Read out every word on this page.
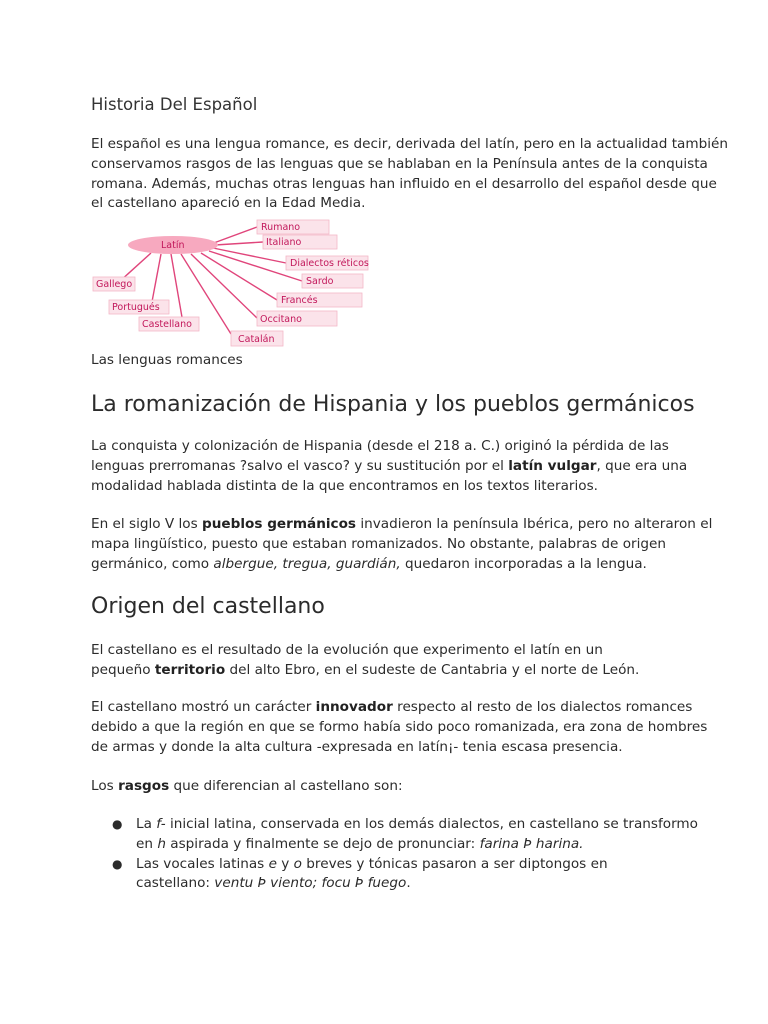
Historia Del Español

El español es una lengua romance, es decir, derivada del latín, pero en la actualidad también
conservamos rasgos de las lenguas que se hablaban en la Península antes de la conquista
romana. Además, muchas otras lenguas han influido en el desarrollo del español desde que
el castellano apareció en la Edad Media.

Latín
Rumano
Italiano
Dialectos réticos
Sardo
Francés
Occitano
Catalán
Castellano
Portugués
Gallego

Las lenguas romances

La romanización de Hispania y los pueblos germánicos

La conquista y colonización de Hispania (desde el 218 a. C.) originó la pérdida de las
lenguas prerromanas ?salvo el vasco? y su sustitución por el latín vulgar, que era una
modalidad hablada distinta de la que encontramos en los textos literarios.

En el siglo V los pueblos germánicos invadieron la península Ibérica, pero no alteraron el
mapa lingüístico, puesto que estaban romanizados. No obstante, palabras de origen
germánico, como albergue, tregua, guardián, quedaron incorporadas a la lengua.

Origen del castellano

El castellano es el resultado de la evolución que experimento el latín en un
pequeño territorio del alto Ebro, en el sudeste de Cantabria y el norte de León.

El castellano mostró un carácter innovador respecto al resto de los dialectos romances
debido a que la región en que se formo había sido poco romanizada, era zona de hombres
de armas y donde la alta cultura -expresada en latín¡- tenia escasa presencia.

Los rasgos que diferencian al castellano son:

● La f- inicial latina, conservada en los demás dialectos, en castellano se transformo
en h aspirada y finalmente se dejo de pronunciar: farina Þ harina.
● Las vocales latinas e y o breves y tónicas pasaron a ser diptongos en
castellano: ventu Þ viento; focu Þ fuego.
